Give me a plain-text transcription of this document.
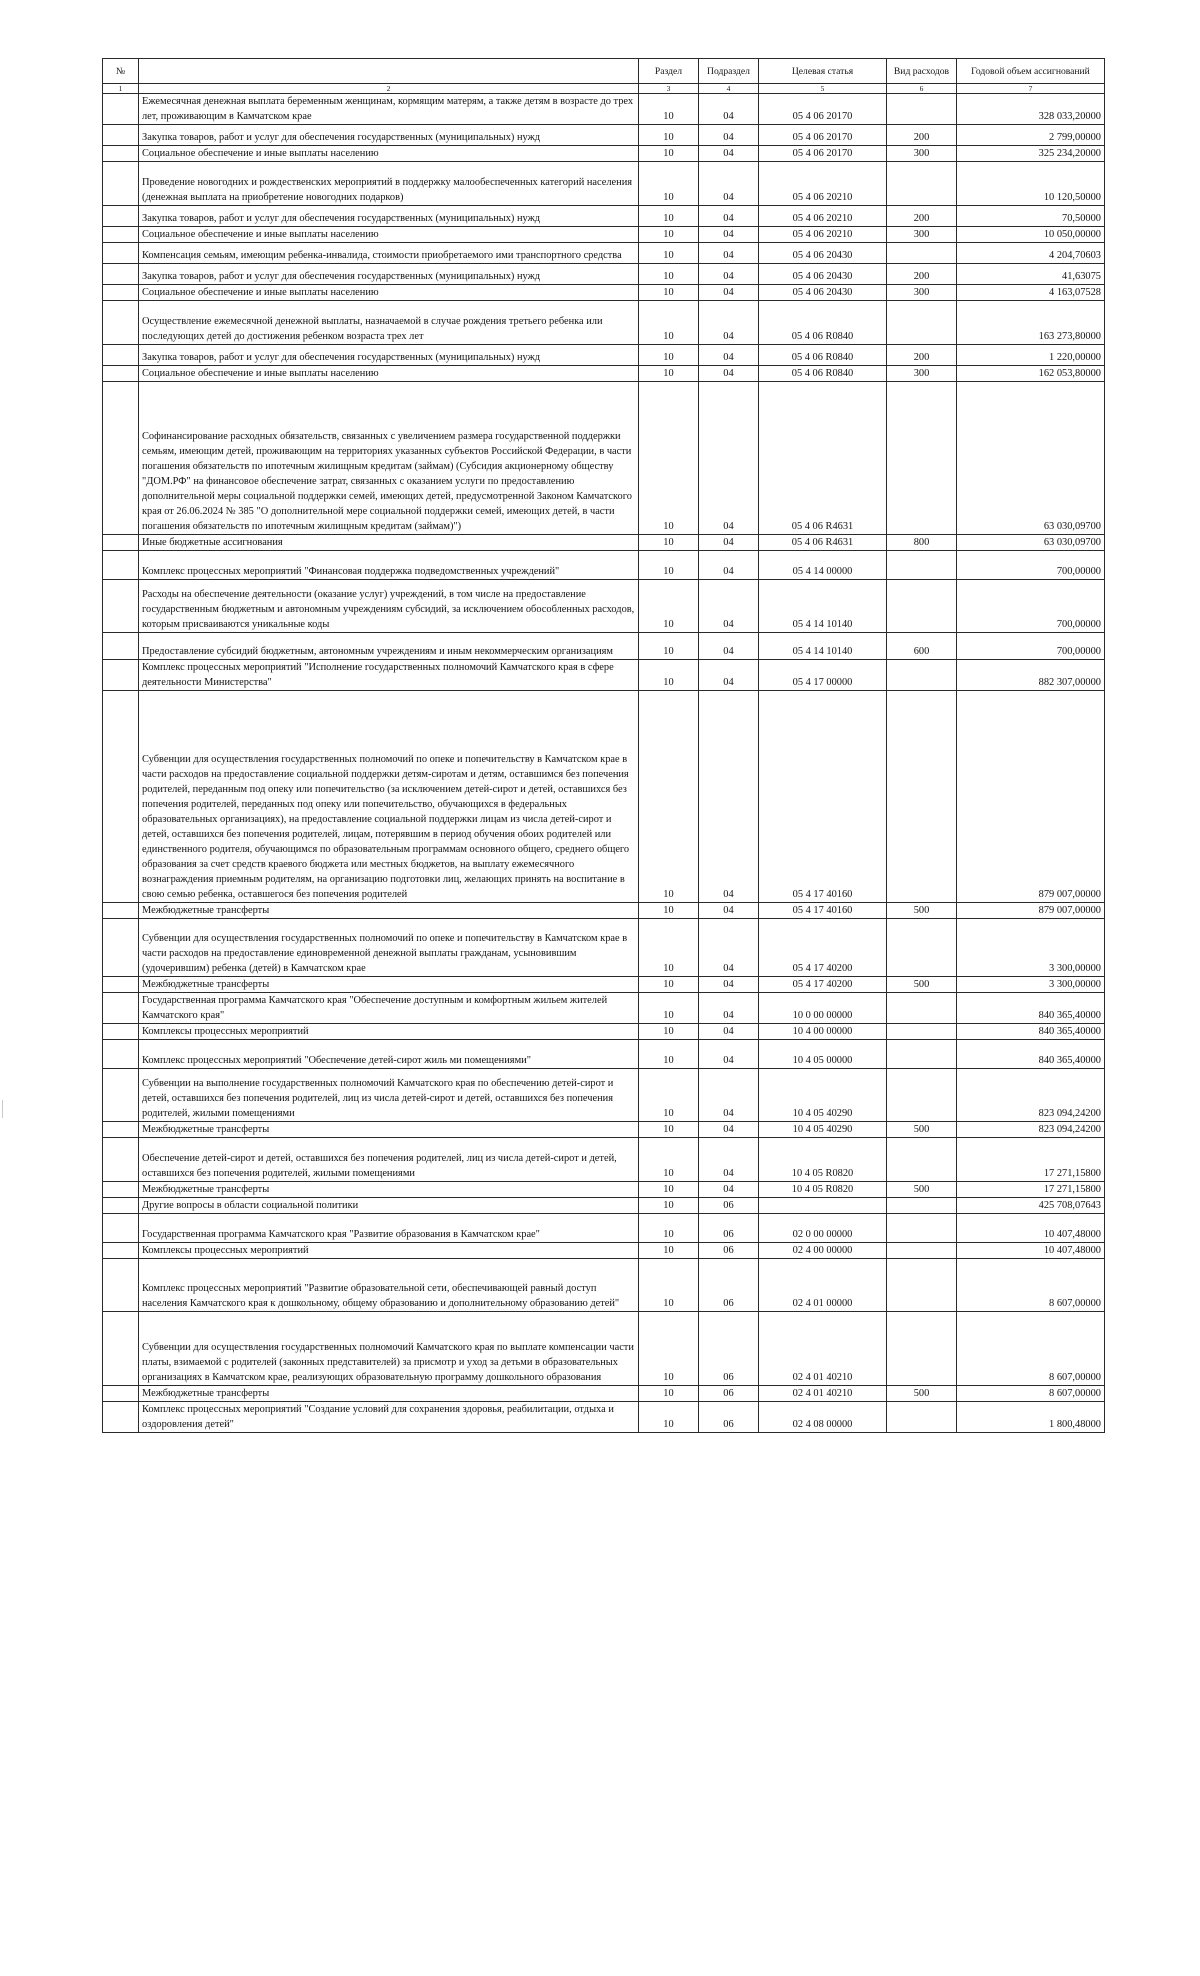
№		Раздел	Подраздел	Целевая статья	Вид расходов	Годовой объем ассигнований
1	2	3	4	5	6	7
	Ежемесячная денежная выплата беременным женщинам, кормящим матерям, а также детям в возрасте до трех лет, проживающим в Камчатском крае	10	04	05 4 06 20170		328 033,20000
	Закупка товаров, работ и услуг для обеспечения государственных (муниципальных) нужд	10	04	05 4 06 20170	200	2 799,00000
	Социальное обеспечение и иные выплаты населению	10	04	05 4 06 20170	300	325 234,20000
	Проведение новогодних и рождественских мероприятий в поддержку малообеспеченных категорий населения (денежная выплата на приобретение новогодних подарков)	10	04	05 4 06 20210		10 120,50000
	Закупка товаров, работ и услуг для обеспечения государственных (муниципальных) нужд	10	04	05 4 06 20210	200	70,50000
	Социальное обеспечение и иные выплаты населению	10	04	05 4 06 20210	300	10 050,00000
	Компенсация семьям, имеющим ребенка-инвалида, стоимости приобретаемого ими транспортного средства	10	04	05 4 06 20430		4 204,70603
	Закупка товаров, работ и услуг для обеспечения государственных (муниципальных) нужд	10	04	05 4 06 20430	200	41,63075
	Социальное обеспечение и иные выплаты населению	10	04	05 4 06 20430	300	4 163,07528
	Осуществление ежемесячной денежной выплаты, назначаемой в случае рождения третьего ребенка или последующих детей до достижения ребенком возраста трех лет	10	04	05 4 06 R0840		163 273,80000
	Закупка товаров, работ и услуг для обеспечения государственных (муниципальных) нужд	10	04	05 4 06 R0840	200	1 220,00000
	Социальное обеспечение и иные выплаты населению	10	04	05 4 06 R0840	300	162 053,80000
	Софинансирование расходных обязательств, связанных с увеличением размера государственной поддержки семьям, имеющим детей, проживающим на территориях указанных субъектов Российской Федерации, в части погашения обязательств по ипотечным жилищным кредитам (займам) (Субсидия акционерному обществу "ДОМ.РФ" на финансовое обеспечение затрат, связанных с оказанием услуги по предоставлению дополнительной меры социальной поддержки семей, имеющих детей, предусмотренной Законом Камчатского края от 26.06.2024 № 385 "О дополнительной мере социальной поддержки семей, имеющих детей, в части погашения обязательств по ипотечным жилищным кредитам (займам)")	10	04	05 4 06 R4631		63 030,09700
	Иные бюджетные ассигнования	10	04	05 4 06 R4631	800	63 030,09700
	Комплекс процессных мероприятий "Финансовая поддержка подведомственных учреждений"	10	04	05 4 14 00000		700,00000
	Расходы на обеспечение деятельности (оказание услуг) учреждений, в том числе на предоставление государственным бюджетным и автономным учреждениям субсидий, за исключением обособленных расходов, которым присваиваются уникальные коды	10	04	05 4 14 10140		700,00000
	Предоставление субсидий бюджетным, автономным учреждениям и иным некоммерческим организациям	10	04	05 4 14 10140	600	700,00000
	Комплекс процессных мероприятий "Исполнение государственных полномочий Камчатского края в сфере деятельности Министерства"	10	04	05 4 17 00000		882 307,00000
	Субвенции для осуществления государственных полномочий по опеке и попечительству в Камчатском крае в части расходов на предоставление социальной поддержки детям-сиротам и детям, оставшимся без попечения родителей, переданным под опеку или попечительство (за исключением детей-сирот и детей, оставшихся без попечения родителей, переданных под опеку или попечительство, обучающихся в федеральных образовательных организациях), на предоставление социальной поддержки лицам из числа детей-сирот и детей, оставшихся без попечения родителей, лицам, потерявшим в период обучения обоих родителей или единственного родителя, обучающимся по образовательным программам основного общего, среднего общего образования за счет средств краевого бюджета или местных бюджетов, на выплату ежемесячного вознаграждения приемным родителям, на организацию подготовки лиц, желающих принять на воспитание в свою семью ребенка, оставшегося без попечения родителей	10	04	05 4 17 40160		879 007,00000
	Межбюджетные трансферты	10	04	05 4 17 40160	500	879 007,00000
	Субвенции для осуществления государственных полномочий по опеке и попечительству в Камчатском крае в части расходов на предоставление единовременной денежной выплаты гражданам, усыновившим (удочерившим) ребенка (детей) в Камчатском крае	10	04	05 4 17 40200		3 300,00000
	Межбюджетные трансферты	10	04	05 4 17 40200	500	3 300,00000
	Государственная программа Камчатского края "Обеспечение доступным и комфортным жильем жителей Камчатского края"	10	04	10 0 00 00000		840 365,40000
	Комплексы процессных мероприятий	10	04	10 4 00 00000		840 365,40000
	Комплекс процессных мероприятий "Обеспечение детей-сирот жиль ми помещениями"	10	04	10 4 05 00000		840 365,40000
	Субвенции на выполнение государственных полномочий Камчатского края по обеспечению детей-сирот и детей, оставшихся без попечения родителей, лиц из числа детей-сирот и детей, оставшихся без попечения родителей, жилыми помещениями	10	04	10 4 05 40290		823 094,24200
	Межбюджетные трансферты	10	04	10 4 05 40290	500	823 094,24200
	Обеспечение детей-сирот и детей, оставшихся без попечения родителей, лиц из числа детей-сирот и детей, оставшихся без попечения родителей, жилыми помещениями	10	04	10 4 05 R0820		17 271,15800
	Межбюджетные трансферты	10	04	10 4 05 R0820	500	17 271,15800
	Другие вопросы в области социальной политики	10	06			425 708,07643
	Государственная программа Камчатского края "Развитие образования в Камчатском крае"	10	06	02 0 00 00000		10 407,48000
	Комплексы процессных мероприятий	10	06	02 4 00 00000		10 407,48000
	Комплекс процессных мероприятий "Развитие образовательной сети, обеспечивающей равный доступ населения Камчатского края к дошкольному, общему образованию и дополнительному образованию детей"	10	06	02 4 01 00000		8 607,00000
	Субвенции для осуществления государственных полномочий Камчатского края по выплате компенсации части платы, взимаемой с родителей (законных представителей) за присмотр и уход за детьми в образовательных организациях в Камчатском крае, реализующих образовательную программу дошкольного образования	10	06	02 4 01 40210		8 607,00000
	Межбюджетные трансферты	10	06	02 4 01 40210	500	8 607,00000
	Комплекс процессных мероприятий "Создание условий для сохранения здоровья, реабилитации, отдыха и оздоровления детей"	10	06	02 4 08 00000		1 800,48000
